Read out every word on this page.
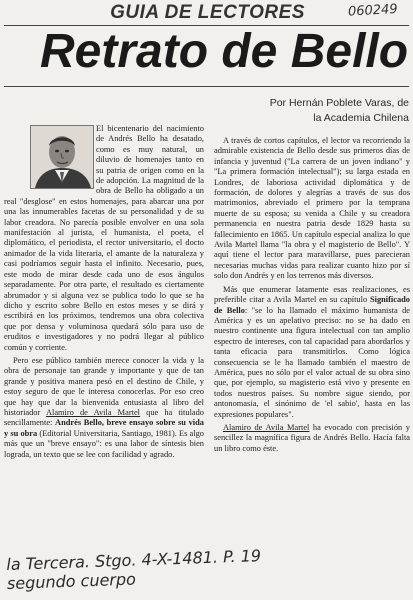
GUIA DE LECTORES	060249
Retrato de Bello
Por Hernán Poblete Varas, de
la Academia Chilena

El bicentenario del nacimiento de Andrés Bello ha desatado, como es muy natural, un diluvio de homenajes tanto en su patria de origen como en la de adopción. La magnitud de la obra de Bello ha obligado a un real "desglose" en estos homenajes, para abarcar una por una las innumerables facetas de su personalidad y de su labor creadora. No parecía posible envolver en una sola manifestación al jurista, el humanista, el poeta, el diplomático, el periodista, el rector universitario, el docto animador de la vida literaria, el amante de la naturaleza y casi podríamos seguir hasta el infinito. Necesario, pues, este modo de mirar desde cada uno de esos ángulos separadamente. Por otra parte, el resultado es ciertamente abrumador y si alguna vez se publica todo lo que se ha dicho y escrito sobre Bello en estos meses y se dirá y escribirá en los próximos, tendremos una obra colectiva que por densa y voluminosa quedará sólo para uso de eruditos e investigadores y no podrá llegar al público común y corriente.

Pero ese público también merece conocer la vida y la obra de personaje tan grande y importante y que de tan grande y positiva manera pesó en el destino de Chile, y estoy seguro de que le interesa conocerlas. Por eso creo que hay que dar la bienvenida entusiasta al libro del historiador Alamiro de Avila Martel que ha titulado sencillamente: Andrés Bello, breve ensayo sobre su vida y su obra (Editorial Universitaria, Santiago, 1981). Es algo más que un "breve ensayo": es una labor de síntesis bien lograda, un texto que se lee con facilidad y agrado.

A través de cortos capítulos, el lector va recorriendo la admirable existencia de Bello desde sus primeros días de infancia y juventud ("La carrera de un joven indiano" y "La primera formación intelectual"); su larga estada en Londres, de laboriosa actividad diplomática y de formación, de dolores y alegrías a través de sus dos matrimonios, abreviado el primero por la temprana muerte de su esposa; su venida a Chile y su creadora permanencia en nuestra patria desde 1829 hasta su fallecimiento en 1865. Un capítulo especial analiza lo que Avila Martel llama "la obra y el magisterio de Bello". Y aquí tiene el lector para maravillarse, pues parecieran necesarias muchas vidas para realizar cuanto hizo por sí solo don Andrés y en los terrenos más diversos.

Más que enumerar latamente esas realizaciones, es preferible citar a Avila Martel en su capítulo Significado de Bello: "se lo ha llamado el máximo humanista de América y es un apelativo preciso: no se ha dado en nuestro continente una figura intelectual con tan amplio espectro de intereses, con tal capacidad para abordarlos y tanta eficacia para transmitirlos. Como lógica consecuencia se le ha llamado también el maestro de América, pues no sólo por el valor actual de su obra sino que, por ejemplo, su magisterio está vivo y presente en todos nuestros países. Su nombre sigue siendo, por antonomasia, el sinónimo de 'el sabio', hasta en las expresiones populares".

Alamiro de Avila Martel ha evocado con precisión y sencillez la magnífica figura de Andrés Bello. Hacía falta un libro como éste.

la Tercera. Stgo. 4-X-1481. P. 19
segundo cuerpo
